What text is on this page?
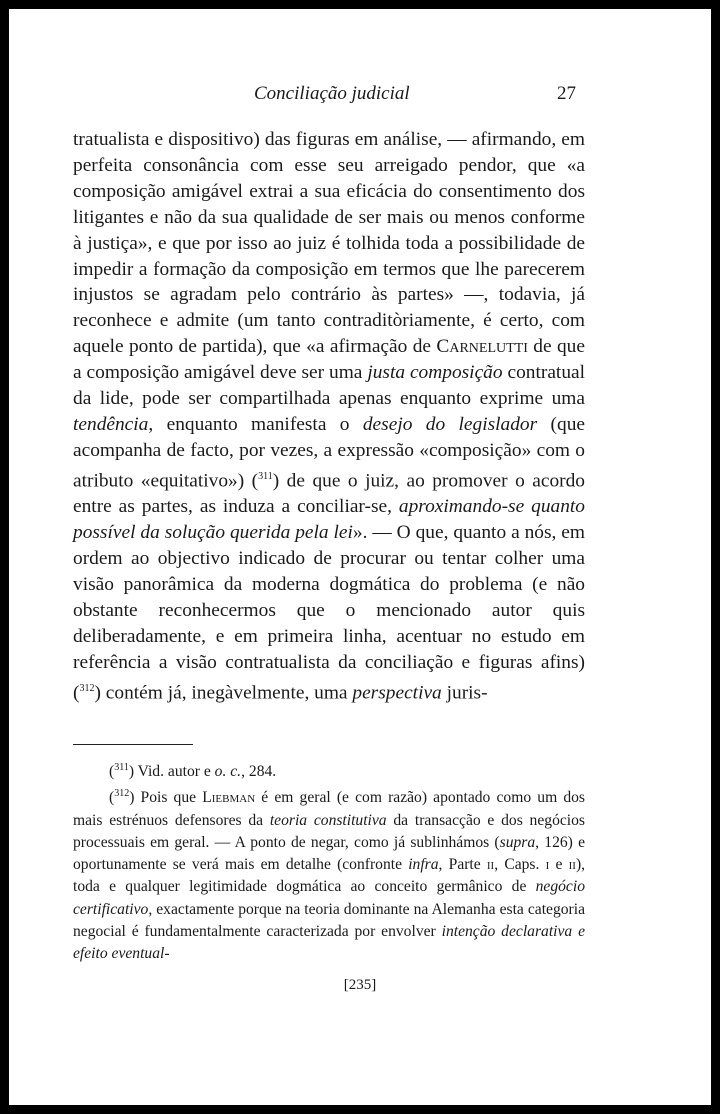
Conciliação judicial	27

tratualista e dispositivo) das figuras em análise, — afirmando, em perfeita consonância com esse seu arreigado pendor, que «a composição amigável extrai a sua eficácia do consentimento dos litigantes e não da sua qualidade de ser mais ou menos conforme à justiça», e que por isso ao juiz é tolhida toda a possibilidade de impedir a formação da composição em termos que lhe parecerem injustos se agradam pelo contrário às partes» —, todavia, já reconhece e admite (um tanto contraditòriamente, é certo, com aquele ponto de partida), que «a afirmação de Carnelutti de que a composição amigável deve ser uma justa composição contratual da lide, pode ser compartilhada apenas enquanto exprime uma tendência, enquanto manifesta o desejo do legislador (que acompanha de facto, por vezes, a expressão «composição» com o atributo «equitativo») ($^{311}$) de que o juiz, ao promover o acordo entre as partes, as induza a conciliar-se, aproximando-se quanto possível da solução querida pela lei». — O que, quanto a nós, em ordem ao objectivo indicado de procurar ou tentar colher uma visão panorâmica da moderna dogmática do problema (e não obstante reconhecermos que o mencionado autor quis deliberadamente, e em primeira linha, acentuar no estudo em referência a visão contratualista da conciliação e figuras afins) ($^{312}$) contém já, inegàvelmente, uma perspectiva juris-

($^{311}$) Vid. autor e o. c., 284.

($^{312}$) Pois que Liebman é em geral (e com razão) apontado como um dos mais estrénuos defensores da teoria constitutiva da transacção e dos negócios processuais em geral. — A ponto de negar, como já sublinhámos (supra, 126) e oportunamente se verá mais em detalhe (confronte infra, Parte ii, Caps. i e ii), toda e qualquer legitimidade dogmática ao conceito germânico de negócio certificativo, exactamente porque na teoria dominante na Alemanha esta categoria negocial é fundamentalmente caracterizada por envolver intenção declarativa e efeito eventual-

[235]
